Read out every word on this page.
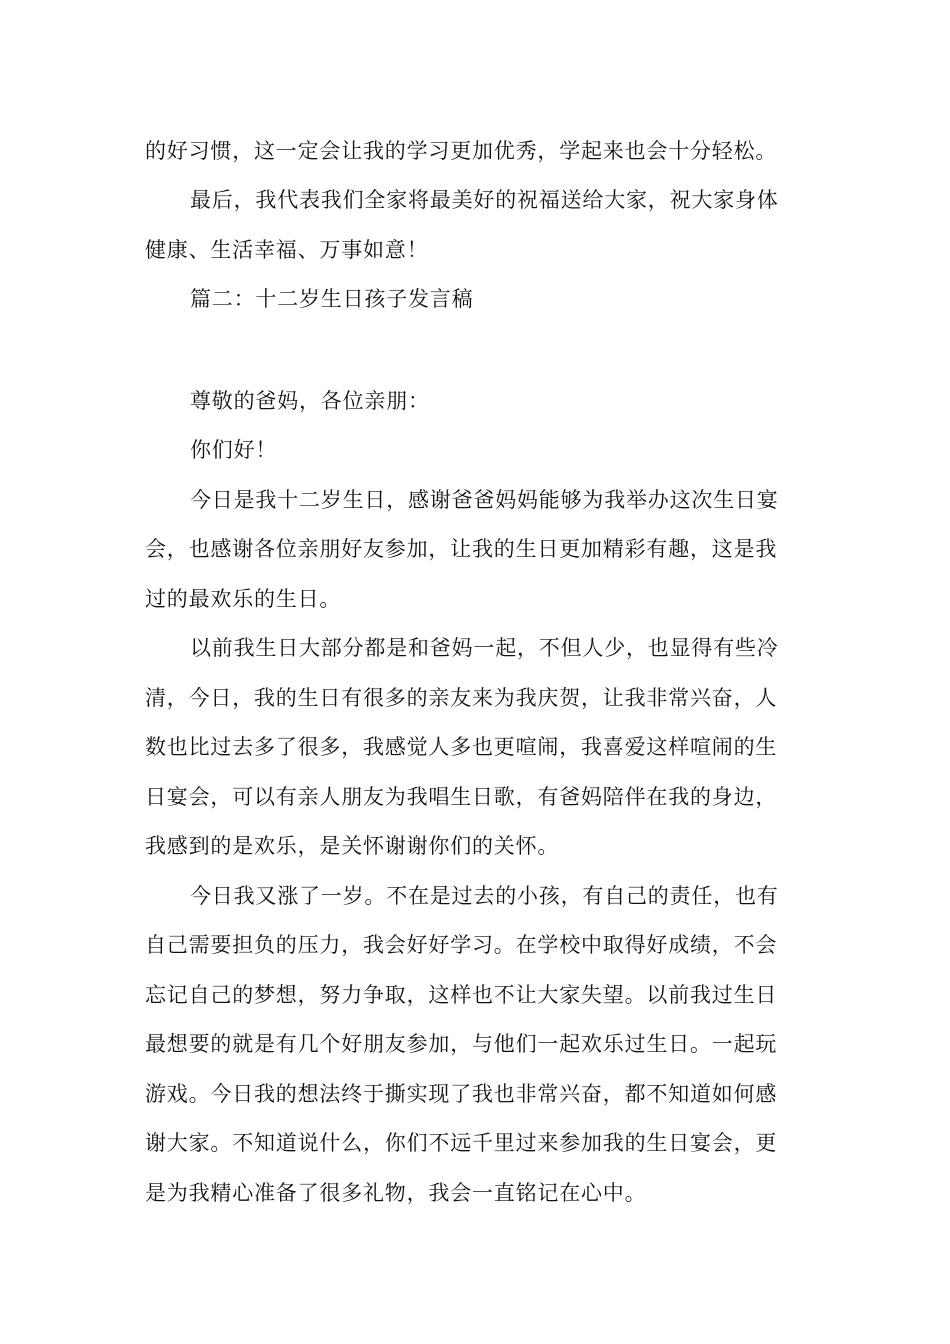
的好习惯，这一定会让我的学习更加优秀，学起来也会十分轻松。
最后，我代表我们全家将最美好的祝福送给大家，祝大家身体
健康、生活幸福、万事如意！
篇二：十二岁生日孩子发言稿
尊敬的爸妈，各位亲朋：
你们好！
今日是我十二岁生日，感谢爸爸妈妈能够为我举办这次生日宴
会，也感谢各位亲朋好友参加，让我的生日更加精彩有趣，这是我
过的最欢乐的生日。
以前我生日大部分都是和爸妈一起，不但人少，也显得有些冷
清，今日，我的生日有很多的亲友来为我庆贺，让我非常兴奋，人
数也比过去多了很多，我感觉人多也更喧闹，我喜爱这样喧闹的生
日宴会，可以有亲人朋友为我唱生日歌，有爸妈陪伴在我的身边，
我感到的是欢乐，是关怀谢谢你们的关怀。
今日我又涨了一岁。不在是过去的小孩，有自己的责任，也有
自己需要担负的压力，我会好好学习。在学校中取得好成绩，不会
忘记自己的梦想，努力争取，这样也不让大家失望。以前我过生日
最想要的就是有几个好朋友参加，与他们一起欢乐过生日。一起玩
游戏。今日我的想法终于撕实现了我也非常兴奋，都不知道如何感
谢大家。不知道说什么，你们不远千里过来参加我的生日宴会，更
是为我精心准备了很多礼物，我会一直铭记在心中。
